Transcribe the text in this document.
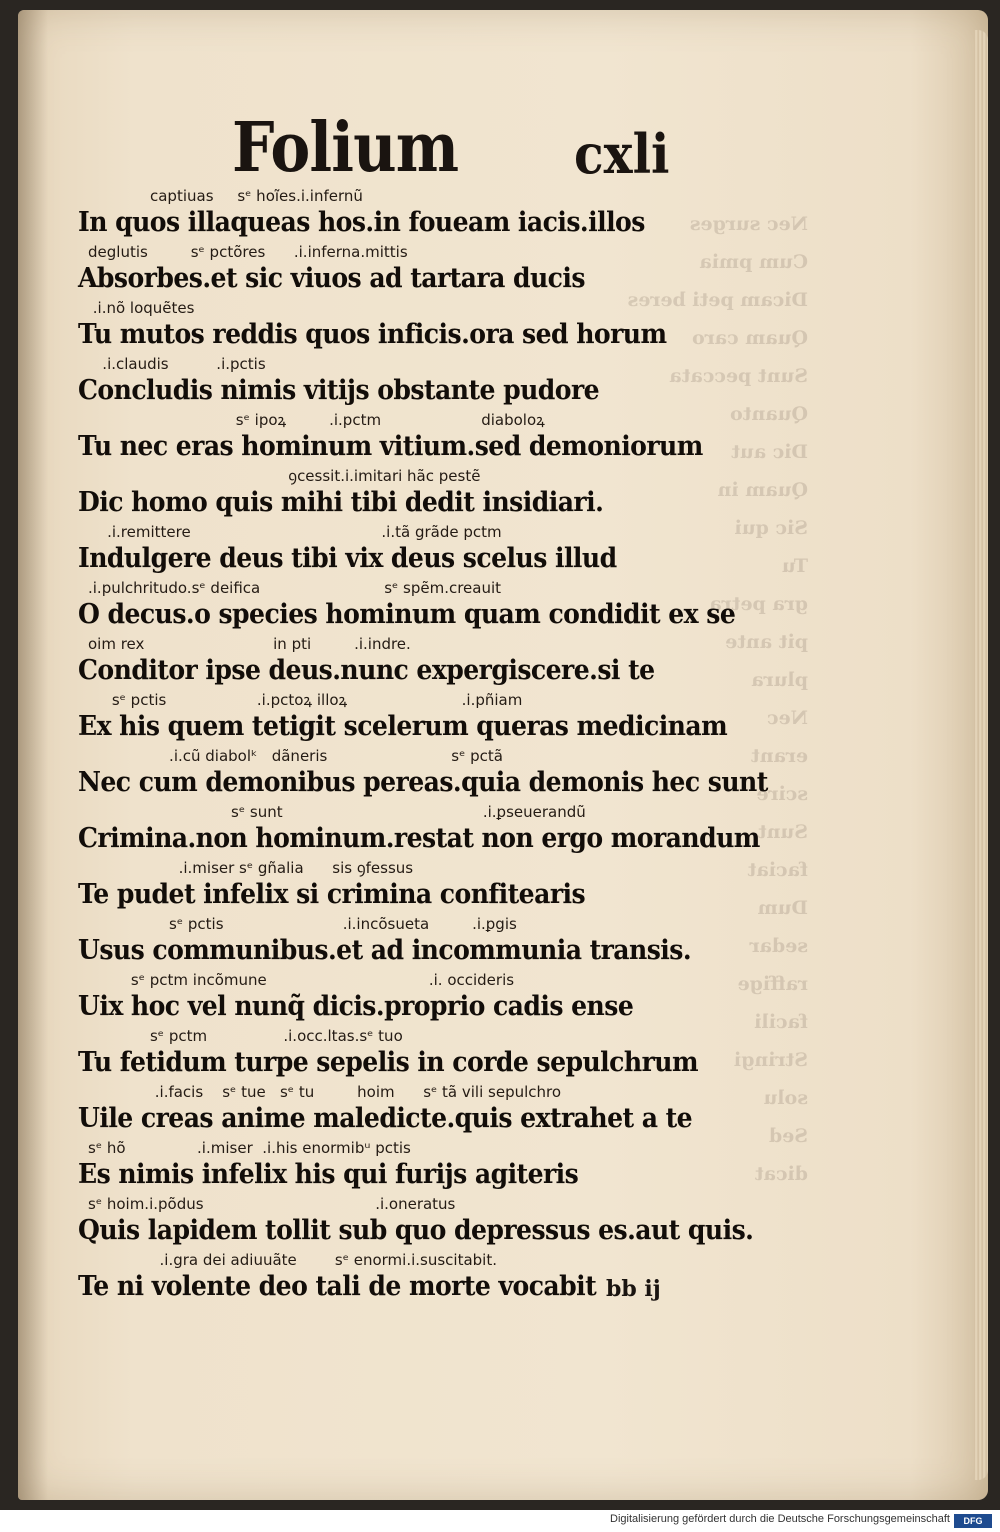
Nec surges
Cum pmia
Dicam peti beres
Quam caro
Sunt peccata
Quanto
Dic aut
Quam in
Sic qui
Tu
gra petra
pit ante
plura
Nec
erant
scire
Sunt
faciat
Dum
sedar
raffige
facili
Stringi
solu
Sed
dicat
Folium cxli
captiuas     sᵉ hoĩes.i.infernũ
In quos illaqueas hos.in foueam iacis.illos
deglutis         sᵉ pctõres      .i.inferna.mittis
Absorbes.et sic viuos ad tartara ducis
.i.nõ loquẽtes
Tu mutos reddis quos inficis.ora sed horum
.i.claudis          .i.pctis
Concludis nimis vitijs obstante pudore
sᵉ ipoꝝ         .i.pctm                     diaboloꝝ
Tu nec eras hominum vitium.sed demoniorum
ꝯcessit.i.imitari hãc pestẽ
Dic homo quis mihi tibi dedit insidiari.
.i.remittere                                        .i.tã grãde pctm
Indulgere deus tibi vix deus scelus illud
.i.pulchritudo.sᵉ deifica                          sᵉ spẽm.creauit
O decus.o species hominum quam condidit ex se
oim rex                           in pti         .i.indre.
Conditor ipse deus.nunc expergiscere.si te
sᵉ pctis                   .i.pctoꝝ illoꝝ                        .i.pñiam
Ex his quem tetigit scelerum queras medicinam
.i.cũ diabolᵏ   dãneris                          sᵉ pctã
Nec cum demonibus pereas.quia demonis hec sunt
sᵉ sunt                                          .i.ꝑseuerandũ
Crimina.non hominum.restat non ergo morandum
.i.miser sᵉ gñalia      sis ꝯfessus
Te pudet infelix si crimina confitearis
sᵉ pctis                         .i.incõsueta         .i.ꝑgis
Usus communibus.et ad incommunia transis.
sᵉ pctm incõmune                                  .i. occideris
Uix hoc vel nunq̃ dicis.proprio cadis ense
sᵉ pctm                .i.occ.ltas.sᵉ tuo
Tu fetidum turpe sepelis in corde sepulchrum
.i.facis    sᵉ tue   sᵉ tu         hoim      sᵉ tã vili sepulchro
Uile creas anime maledicte.quis extrahet a te
sᵉ hõ               .i.miser  .i.his enormibᵘ pctis
Es nimis infelix his qui furijs agiteris
sᵉ hoim.i.põdus                                    .i.oneratus
Quis lapidem tollit sub quo depressus es.aut quis.
.i.gra dei adiuuãte        sᵉ enormi.i.suscitabit.
Te ni volente deo tali de morte vocabit bb ij
Digitalisierung gefördert durch die Deutsche Forschungsgemeinschaft	DFG
